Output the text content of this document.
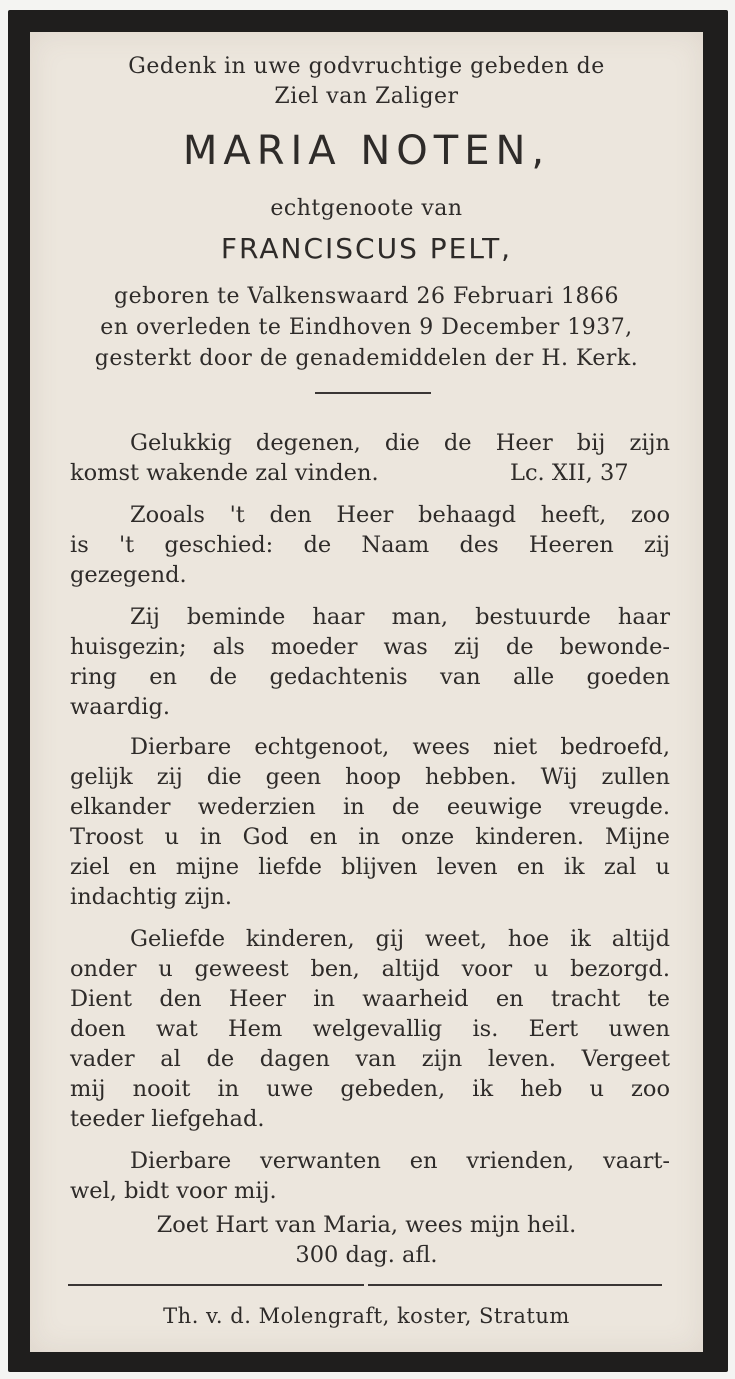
Gedenk in uwe godvruchtige gebeden de
Ziel van Zaliger
MARIA NOTEN,
echtgenoote van
FRANCISCUS PELT,
geboren te Valkenswaard 26 Februari 1866
en overleden te Eindhoven 9 December 1937,
gesterkt door de genademiddelen der H. Kerk.
Gelukkig degenen, die de Heer bij zijn
komst wakende zal vinden.	Lc. XII, 37
Zooals 't den Heer behaagd heeft, zoo
is 't geschied: de Naam des Heeren zij
gezegend.
Zij beminde haar man, bestuurde haar
huisgezin; als moeder was zij de bewonde-
ring en de gedachtenis van alle goeden
waardig.
Dierbare echtgenoot, wees niet bedroefd,
gelijk zij die geen hoop hebben. Wij zullen
elkander wederzien in de eeuwige vreugde.
Troost u in God en in onze kinderen. Mijne
ziel en mijne liefde blijven leven en ik zal u
indachtig zijn.
Geliefde kinderen, gij weet, hoe ik altijd
onder u geweest ben, altijd voor u bezorgd.
Dient den Heer in waarheid en tracht te
doen wat Hem welgevallig is. Eert uwen
vader al de dagen van zijn leven. Vergeet
mij nooit in uwe gebeden, ik heb u zoo
teeder liefgehad.
Dierbare verwanten en vrienden, vaart-
wel, bidt voor mij.
Zoet Hart van Maria, wees mijn heil.
300 dag. afl.
Th. v. d. Molengraft, koster, Stratum
